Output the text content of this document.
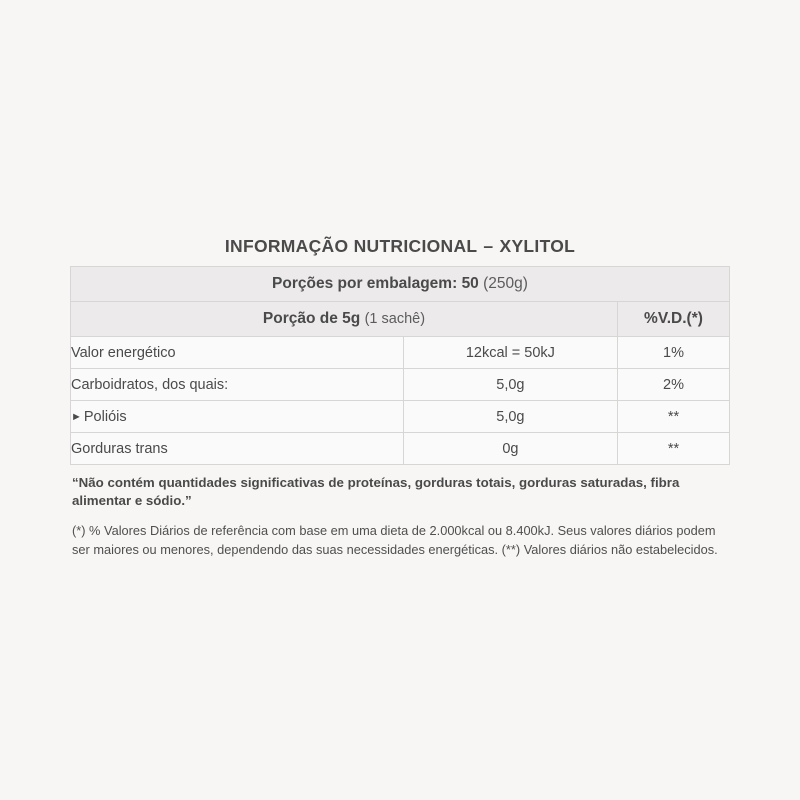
INFORMAÇÃO NUTRICIONAL – XYLITOL
Porções por embalagem: 50 (250g)		
Porção de 5g (1 sachê)		%V.D.(*)
Valor energético	12kcal = 50kJ	1%
Carboidratos, dos quais:	5,0g	2%
► Polióis	5,0g	**
Gorduras trans	0g	**
“Não contém quantidades significativas de proteínas, gorduras totais, gorduras saturadas, fibra alimentar e sódio.”
(*) % Valores Diários de referência com base em uma dieta de 2.000kcal ou 8.400kJ. Seus valores diários podem ser maiores ou menores, dependendo das suas necessidades energéticas. (**) Valores diários não estabelecidos.
